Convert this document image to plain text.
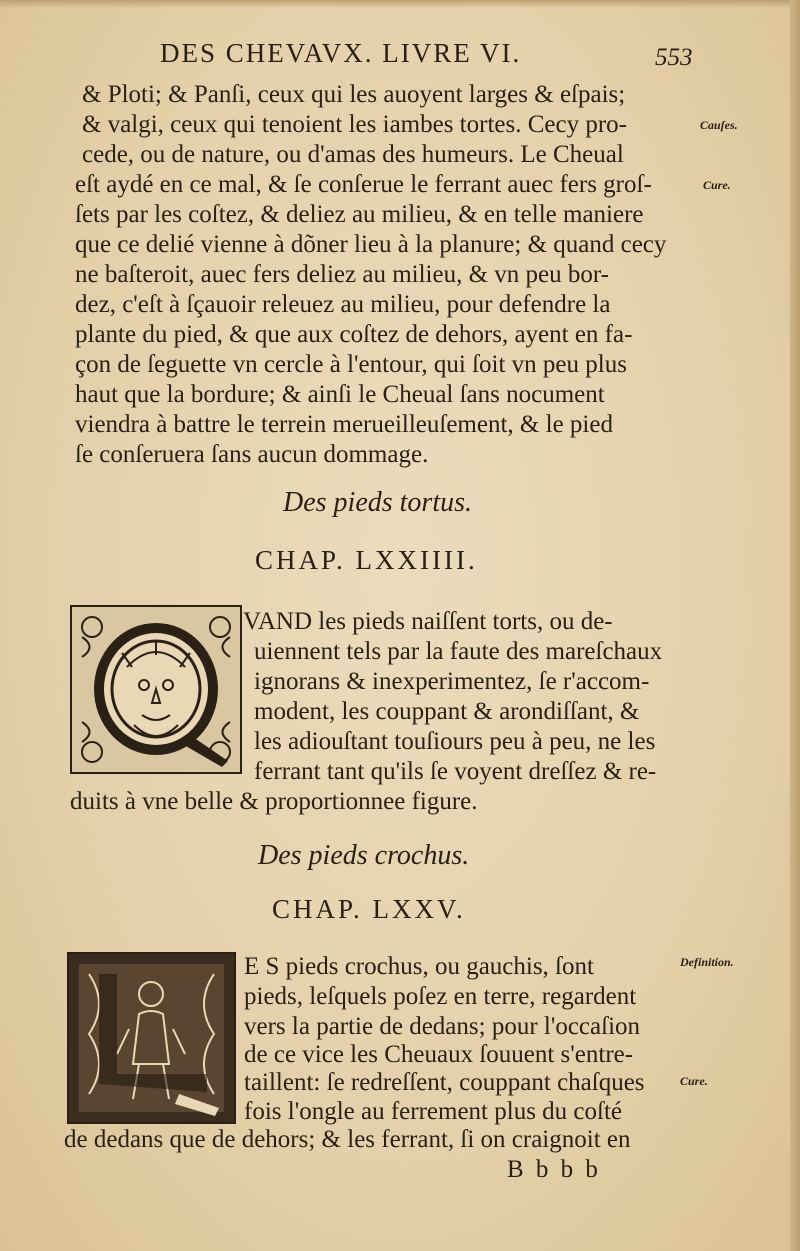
DES CHEVAVX. LIVRE VI.	553
& Ploti; & Panſi, ceux qui les auoyent larges & eſpais;
& valgi, ceux qui tenoient les iambes tortes. Cecy pro-
cede, ou de nature, ou d'amas des humeurs. Le Cheual
eſt aydé en ce mal, & ſe conſerue le ferrant auec fers groſ-
ſets par les coſtez, & deliez au milieu, & en telle maniere
que ce delié vienne à dõner lieu à la planure; & quand cecy
ne baſteroit, auec fers deliez au milieu, & vn peu bor-
dez, c'eſt à ſçauoir releuez au milieu, pour defendre la
plante du pied, & que aux coſtez de dehors, ayent en fa-
çon de ſeguette vn cercle à l'entour, qui ſoit vn peu plus
haut que la bordure; & ainſi le Cheual ſans nocument
viendra à battre le terrein merueilleuſement, & le pied
ſe conſeruera ſans aucun dommage.
Cauſes.
Cure.
Des pieds tortus.
CHAP. LXXIIII.
VAND les pieds naiſſent torts, ou de-
uiennent tels par la faute des mareſchaux
ignorans & inexperimentez, ſe r'accom-
modent, les couppant & arondiſſant, &
les adiouſtant touſiours peu à peu, ne les
ferrant tant qu'ils ſe voyent dreſſez & re-
duits à vne belle & proportionnee figure.
Des pieds crochus.
CHAP. LXXV.
E S pieds crochus, ou gauchis, ſont
pieds, leſquels poſez en terre, regardent
vers la partie de dedans; pour l'occaſion
de ce vice les Cheuaux ſouuent s'entre-
taillent: ſe redreſſent, couppant chaſques
fois l'ongle au ferrement plus du coſté
de dedans que de dehors; & les ferrant, ſi on craignoit en
Definition.
Cure.
B b b b
